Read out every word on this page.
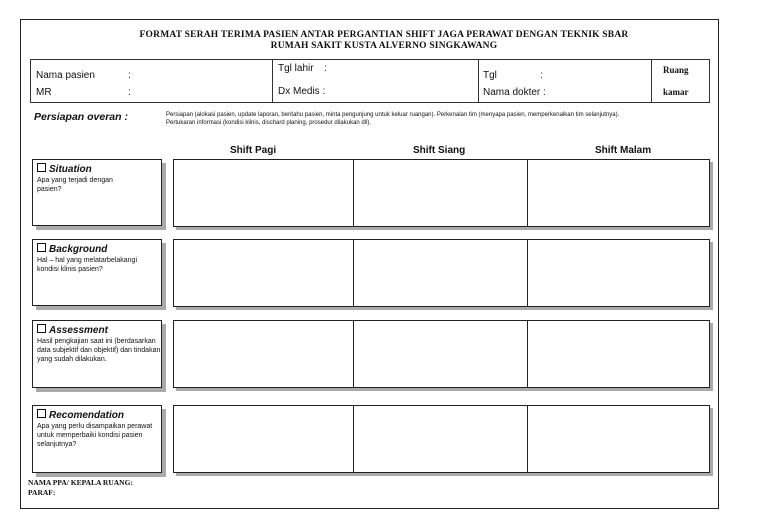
FORMAT SERAH TERIMA PASIEN ANTAR PERGANTIAN SHIFT JAGA PERAWAT DENGAN TEKNIK SBAR
RUMAH SAKIT KUSTA ALVERNO SINGKAWANG
Nama pasien	:
MR	:
Tgl lahir :
Dx Medis :
Tgl	:
Nama dokter :
Ruang
kamar
Persiapan overan :	Persiapan (alokasi pasien, update laporan, beritahu pasien, minta pengunjung untuk keluar ruangan). Perkenalan tim (menyapa pasien, memperkenalkan tim selanjutnya).
Pertukaran informasi (kondisi klinis, dischard planing, prosedur dilakukan dll).
Shift Pagi	Shift Siang	Shift Malam
Situation
Apa yang terjadi dengan pasien?
Background
Hal – hal yang melatarbelakangi kondisi klinis pasien?
Assessment
Hasil pengkajian saat ini (berdasarkan data subjektif dan objektif) dan tindakan yang sudah dilakukan.
Recomendation
Apa yang perlu disampaikan perawat untuk memperbaiki kondisi pasien selanjutnya?
NAMA PPA/ KEPALA RUANG:
PARAF:
